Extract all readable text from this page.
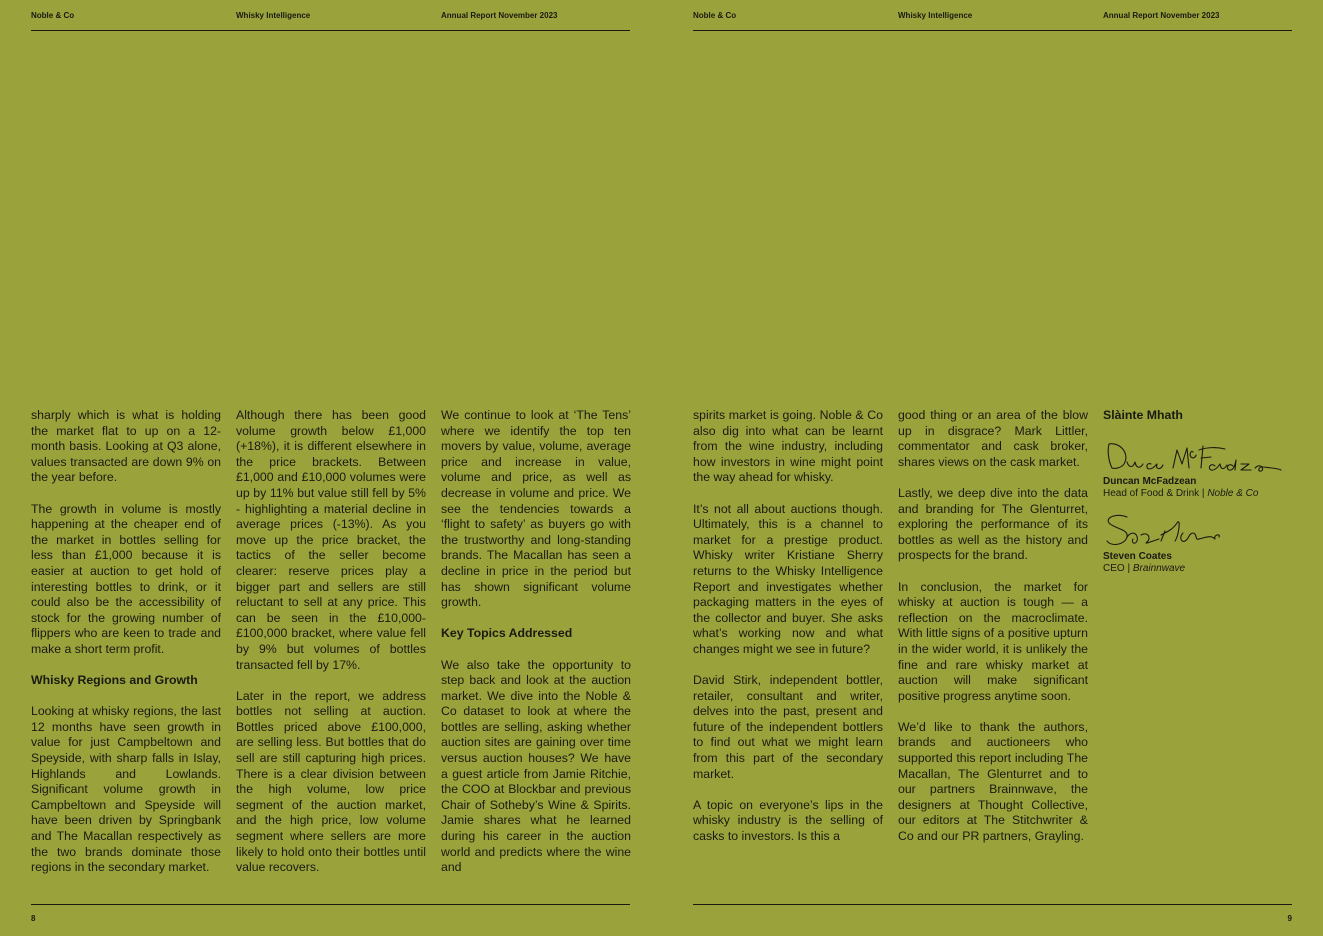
Noble & Co	Whisky Intelligence	Annual Report November 2023

sharply which is what is holding the market flat to up on a 12-month basis. Looking at Q3 alone, values transacted are down 9% on the year before.

The growth in volume is mostly happening at the cheaper end of the market in bottles selling for less than £1,000 because it is easier at auction to get hold of interesting bottles to drink, or it could also be the accessibility of stock for the growing number of flippers who are keen to trade and make a short term profit.

Whisky Regions and Growth

Looking at whisky regions, the last 12 months have seen growth in value for just Campbeltown and Speyside, with sharp falls in Islay, Highlands and Lowlands. Significant volume growth in Campbeltown and Speyside will have been driven by Springbank and The Macallan respectively as the two brands dominate those regions in the secondary market.

Although there has been good volume growth below £1,000 (+18%), it is different elsewhere in the price brackets. Between £1,000 and £10,000 volumes were up by 11% but value still fell by 5% - highlighting a material decline in average prices (-13%). As you move up the price bracket, the tactics of the seller become clearer: reserve prices play a bigger part and sellers are still reluctant to sell at any price. This can be seen in the £10,000-£100,000 bracket, where value fell by 9% but volumes of bottles transacted fell by 17%.

Later in the report, we address bottles not selling at auction. Bottles priced above £100,000, are selling less. But bottles that do sell are still capturing high prices. There is a clear division between the high volume, low price segment of the auction market, and the high price, low volume segment where sellers are more likely to hold onto their bottles until value recovers.

We continue to look at ‘The Tens’ where we identify the top ten movers by value, volume, average price and increase in value, volume and price, as well as decrease in volume and price. We see the tendencies towards a ‘flight to safety’ as buyers go with the trustworthy and long-standing brands. The Macallan has seen a decline in price in the period but has shown significant volume growth.

Key Topics Addressed

We also take the opportunity to step back and look at the auction market. We dive into the Noble & Co dataset to look at where the bottles are selling, asking whether auction sites are gaining over time versus auction houses? We have a guest article from Jamie Ritchie, the COO at Blockbar and previous Chair of Sotheby’s Wine & Spirits. Jamie shares what he learned during his career in the auction world and predicts where the wine and

8
Noble & Co	Whisky Intelligence	Annual Report November 2023

spirits market is going. Noble & Co also dig into what can be learnt from the wine industry, including how investors in wine might point the way ahead for whisky.

It’s not all about auctions though. Ultimately, this is a channel to market for a prestige product. Whisky writer Kristiane Sherry returns to the Whisky Intelligence Report and investigates whether packaging matters in the eyes of the collector and buyer. She asks what’s working now and what changes might we see in future?

David Stirk, independent bottler, retailer, consultant and writer, delves into the past, present and future of the independent bottlers to find out what we might learn from this part of the secondary market.

A topic on everyone’s lips in the whisky industry is the selling of casks to investors. Is this a

good thing or an area of the blow up in disgrace? Mark Littler, commentator and cask broker, shares views on the cask market.

Lastly, we deep dive into the data and branding for The Glenturret, exploring the performance of its bottles as well as the history and prospects for the brand.

In conclusion, the market for whisky at auction is tough — a reflection on the macroclimate. With little signs of a positive upturn in the wider world, it is unlikely the fine and rare whisky market at auction will make significant positive progress anytime soon.

We’d like to thank the authors, brands and auctioneers who supported this report including The Macallan, The Glenturret and to our partners Brainnwave, the designers at Thought Collective, our editors at The Stitchwriter & Co and our PR partners, Grayling.

Slàinte Mhath
Duncan McFadzean
Head of Food & Drink | Noble & Co
Steven Coates
CEO | Brainnwave
9
